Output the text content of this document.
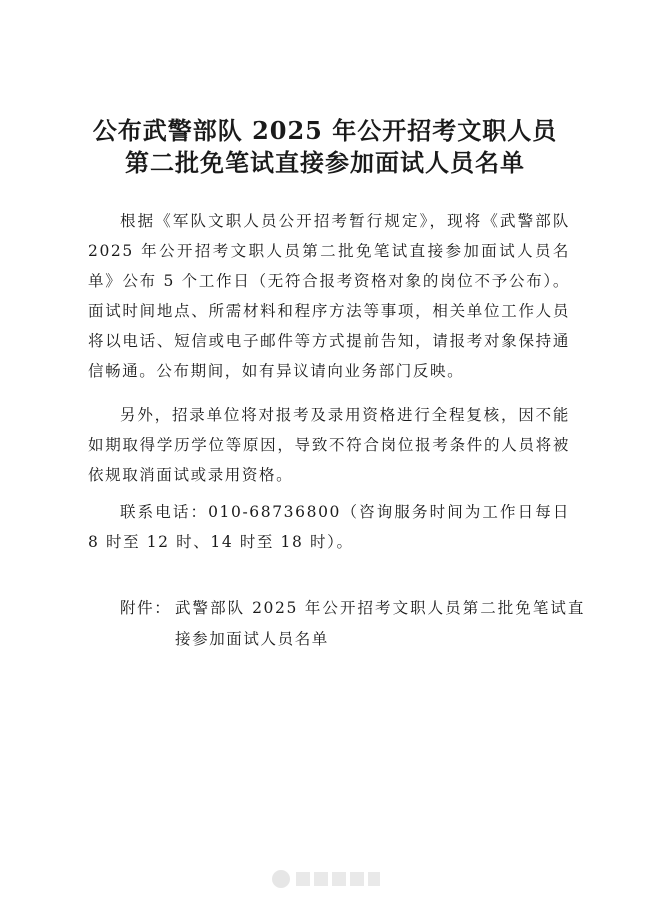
公布武警部队 2025 年公开招考文职人员
第二批免笔试直接参加面试人员名单

根据《军队文职人员公开招考暂行规定》，现将《武警部队 2025 年公开招考文职人员第二批免笔试直接参加面试人员名单》公布 5 个工作日（无符合报考资格对象的岗位不予公布）。面试时间地点、所需材料和程序方法等事项，相关单位工作人员将以电话、短信或电子邮件等方式提前告知，请报考对象保持通信畅通。公布期间，如有异议请向业务部门反映。

另外，招录单位将对报考及录用资格进行全程复核，因不能如期取得学历学位等原因，导致不符合岗位报考条件的人员将被依规取消面试或录用资格。

联系电话：010-68736800（咨询服务时间为工作日每日 8 时至 12 时、14 时至 18 时）。

附件： 武警部队 2025 年公开招考文职人员第二批免笔试直接参加面试人员名单
